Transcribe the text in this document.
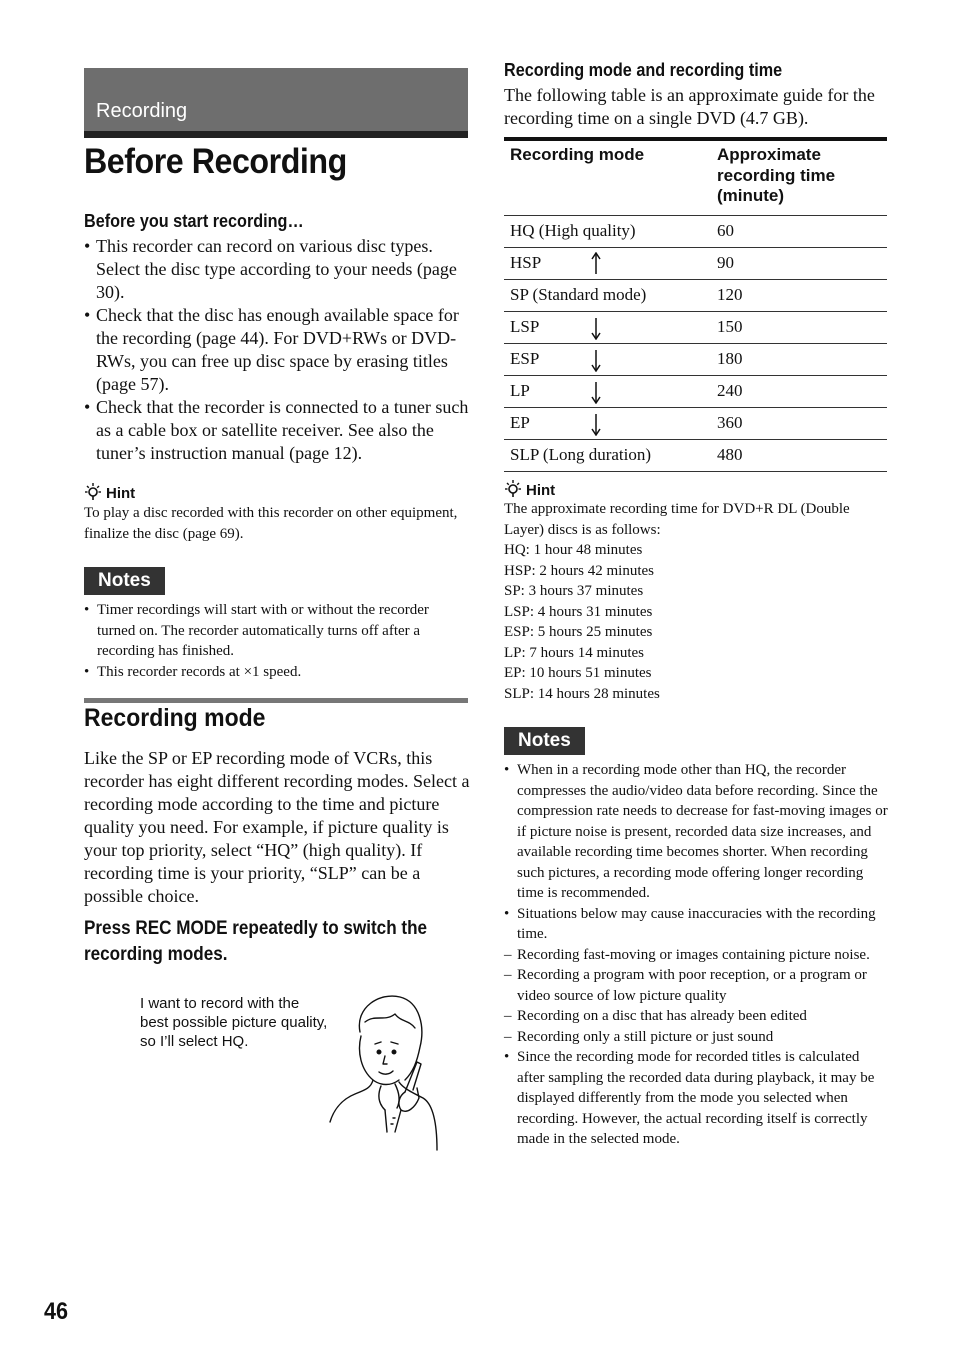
Recording
Before Recording
Before you start recording…
• This recorder can record on various disc types. Select the disc type according to your needs (page 30).
• Check that the disc has enough available space for the recording (page 44). For DVD+RWs or DVD-RWs, you can free up disc space by erasing titles (page 57).
• Check that the recorder is connected to a tuner such as a cable box or satellite receiver. See also the tuner’s instruction manual (page 12).
Hint
To play a disc recorded with this recorder on other equipment, finalize the disc (page 69).
Notes
• Timer recordings will start with or without the recorder turned on. The recorder automatically turns off after a recording has finished.
• This recorder records at ×1 speed.
Recording mode
Like the SP or EP recording mode of VCRs, this recorder has eight different recording modes. Select a recording mode according to the time and picture quality you need. For example, if picture quality is your top priority, select “HQ” (high quality). If recording time is your priority, “SLP” can be a possible choice.
Press REC MODE repeatedly to switch the recording modes.
I want to record with the best possible picture quality, so I’ll select HQ.
Recording mode and recording time
The following table is an approximate guide for the recording time on a single DVD (4.7 GB).
Recording mode	Approximate recording time (minute)
HQ (High quality)	60
HSP	90
SP (Standard mode)	120
LSP	150
ESP	180
LP	240
EP	360
SLP (Long duration)	480
Hint
The approximate recording time for DVD+R DL (Double Layer) discs is as follows:
HQ: 1 hour 48 minutes
HSP: 2 hours 42 minutes
SP: 3 hours 37 minutes
LSP: 4 hours 31 minutes
ESP: 5 hours 25 minutes
LP: 7 hours 14 minutes
EP: 10 hours 51 minutes
SLP: 14 hours 28 minutes
Notes
• When in a recording mode other than HQ, the recorder compresses the audio/video data before recording. Since the compression rate needs to decrease for fast-moving images or if picture noise is present, recorded data size increases, and available recording time becomes shorter. When recording such pictures, a recording mode offering longer recording time is recommended.
• Situations below may cause inaccuracies with the recording time.
– Recording fast-moving or images containing picture noise.
– Recording a program with poor reception, or a program or video source of low picture quality
– Recording on a disc that has already been edited
– Recording only a still picture or just sound
• Since the recording mode for recorded titles is calculated after sampling the recorded data during playback, it may be displayed differently from the mode you selected when recording. However, the actual recording itself is correctly made in the selected mode.
46
